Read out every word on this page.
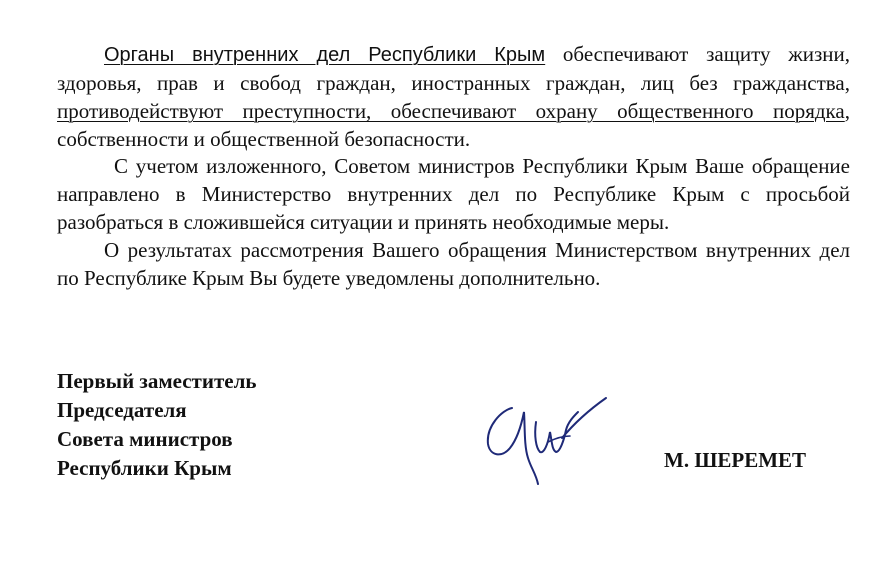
Органы внутренних дел Республики Крым обеспечивают защиту жизни, здоровья, прав и свобод граждан, иностранных граждан, лиц без гражданства, противодействуют преступности, обеспечивают охрану общественного порядка, собственности и общественной безопасности.

С учетом изложенного, Советом министров Республики Крым Ваше обращение направлено в Министерство внутренних дел по Республике Крым с просьбой разобраться в сложившейся ситуации и принять необходимые меры.

О результатах рассмотрения Вашего обращения Министерством внутренних дел по Республике Крым Вы будете уведомлены дополнительно.

Первый заместитель
Председателя
Совета министров
Республики Крым	М. ШЕРЕМЕТ
